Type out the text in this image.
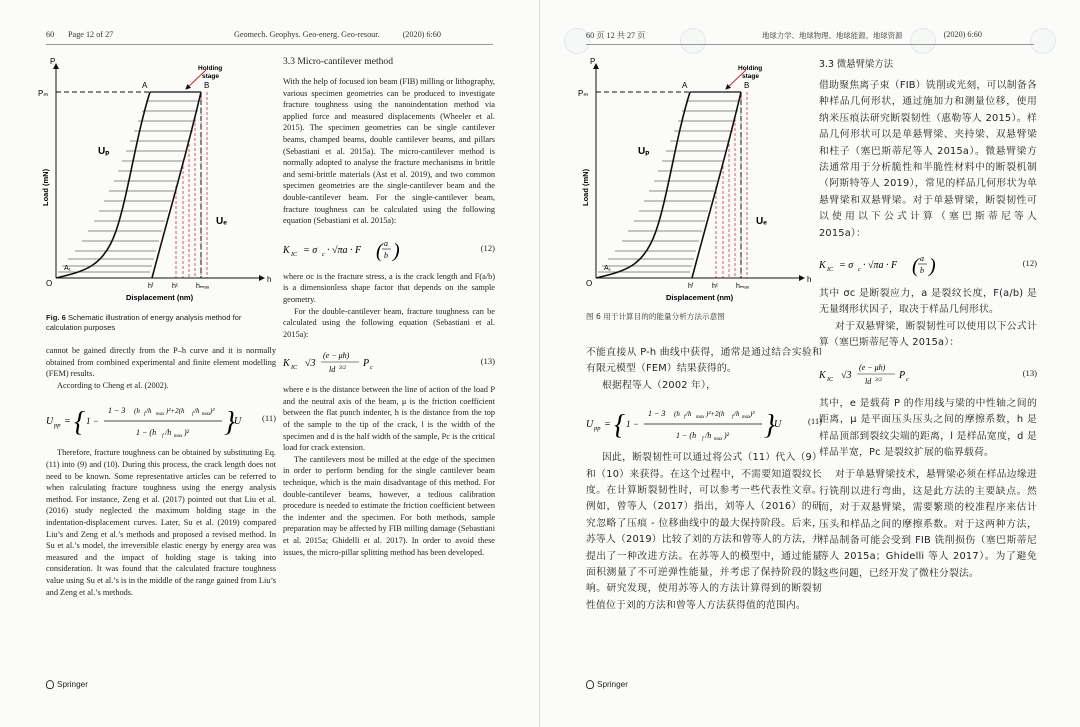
60 Page 12 of 27	Geomech. Geophys. Geo-energ. Geo-resour.	(2020) 6:60
Holding
stage
P
Pₘ
h
O
A	B
A₁
Uₚ
Uₑ
hᶠ	hᶜ	hₘₐₓ
Displacement (nm)
Load (mN)
Fig. 6 Schematic illustration of energy analysis method for calculation purposes

cannot be gained directly from the P–h curve and it is normally obtained from combined experimental and finite element modelling (FEM) results.

According to Cheng et al. (2002).

U pp = { 1 −
1 − 3 (h f /h max )²+2(h f /h max )³
1 − (h f /h max )² }
U (11)

Therefore, fracture toughness can be obtained by substituting Eq. (11) into (9) and (10). During this process, the crack length does not need to be known. Some representative articles can be referred to when calculating fracture toughness using the energy analysis method. For instance, Zeng et al. (2017) pointed out that Liu et al. (2016) study neglected the maximum holding stage in the indentation-displacement curves. Later, Su et al. (2019) compared Liu’s and Zeng et al.’s methods and proposed a revised method. In Su et al.’s model, the irreversible elastic energy by energy area was measured and the impact of holding stage is taking into consideration. It was found that the calculated fracture toughness value using Su et al.’s is in the middle of the range gained from Liu’s and Zeng et al.’s methods.

3.3 Micro-cantilever method

With the help of focused ion beam (FIB) milling or lithography, various specimen geometries can be produced to investigate fracture toughness using the nanoindentation method via applied force and measured displacements (Wheeler et al. 2015). The specimen geometries can be single cantilever beams, champed beams, double cantilever beams, and pillars (Sebastiani et al. 2015a). The micro-cantilever method is normally adopted to analyse the fracture mechanisms in brittle and semi-brittle materials (Ast et al. 2019), and two common specimen geometries are the single-cantilever beam and the double-cantilever beam. For the single-cantilever beam, fracture toughness can be calculated using the following equation (Sebastiani et al. 2015a):

K IC = σ c · √πa · F ( a
b )	(12)

where σc is the fracture stress, a is the crack length and F(a/b) is a dimensionless shape factor that depends on the sample geometry.

For the double-cantilever beam, fracture toughness can be calculated using the following equation (Sebastiani et al. 2015a):

K IC √3
(e − μh)
ld 3/2 P c
(13)

where e is the distance between the line of action of the load P and the neutral axis of the beam, μ is the friction coefficient between the flat punch indenter, h is the distance from the top of the sample to the tip of the crack, l is the width of the specimen and d is the half width of the sample, Pc is the critical load for crack extension.

The cantilevers most be milled at the edge of the specimen in order to perform bending for the single cantilever beam technique, which is the main disadvantage of this method. For double-cantilever beams, however, a tedious calibration procedure is needed to estimate the friction coefficient between the indenter and the specimen. For both methods, sample preparation may be affected by FIB milling damage (Sebastiani et al. 2015a; Ghidelli et al. 2017). In order to avoid these issues, the micro-pillar splitting method has been developed.

Springer
60 页 12 共 27 页	地球力学、地球物理、地球能源、地球资源	(2020) 6:60
Holding
stage
P
Pₘ
h
O
A	B
A₁
Uₚ
Uₑ
hᶠ	hᶜ	hₘₐₓ
Displacement (nm)
Load (mN)
图 6 用于计算目的的能量分析方法示意图

不能直接从 P-h 曲线中获得，通常是通过结合实验和有限元模型（FEM）结果获得的。

根据程等人（2002 年），

U pp = { 1 −
1 − 3 (h f /h max )²+2(h f /h max )³
1 − (h f /h max )² }
U	(11)

因此，断裂韧性可以通过将公式（11）代入（9）和（10）来获得。在这个过程中，不需要知道裂纹长度。在计算断裂韧性时，可以参考一些代表性文章。例如，曾等人（2017）指出，刘等人（2016）的研究忽略了压痕 - 位移曲线中的最大保持阶段。后来，苏等人（2019）比较了刘的方法和曾等人的方法，并提出了一种改进方法。在苏等人的模型中，通过能量面积测量了不可逆弹性能量，并考虑了保持阶段的影响。研究发现，使用苏等人的方法计算得到的断裂韧性值位于刘的方法和曾等人方法获得值的范围内。

3.3 微悬臂梁方法

借助聚焦离子束（FIB）铣削或光刻，可以制备各种样品几何形状，通过施加力和测量位移，使用纳米压痕法研究断裂韧性（惠勒等人 2015）。样品几何形状可以是单悬臂梁、夹持梁、双悬臂梁和柱子（塞巴斯蒂尼等人 2015a）。微悬臂梁方法通常用于分析脆性和半脆性材料中的断裂机制（阿斯特等人 2019），常见的样品几何形状为单悬臂梁和双悬臂梁。对于单悬臂梁，断裂韧性可以使用以下公式计算（塞巴斯蒂尼等人 2015a）：

K IC = σ c · √πa · F ( a
b )	(12)

其中 σc 是断裂应力，a 是裂纹长度，F(a/b) 是无量纲形状因子，取决于样品几何形状。

对于双悬臂梁，断裂韧性可以使用以下公式计算（塞巴斯蒂尼等人 2015a）：

K IC √3
(e − μh)
ld 3/2 P c
(13)

其中，e 是载荷 P 的作用线与梁的中性轴之间的距离，μ 是平面压头压头之间的摩擦系数，h 是样品顶部到裂纹尖端的距离，l 是样品宽度，d 是样品半宽，Pc 是裂纹扩展的临界载荷。

对于单悬臂梁技术，悬臂梁必须在样品边缘进行铣削以进行弯曲，这是此方法的主要缺点。然而，对于双悬臂梁，需要繁琐的校准程序来估计压头和样品之间的摩擦系数。对于这两种方法，样品制备可能会受到 FIB 铣削损伤（塞巴斯蒂尼等人 2015a；Ghidelli 等人 2017）。为了避免这些问题，已经开发了微柱分裂法。

Springer
